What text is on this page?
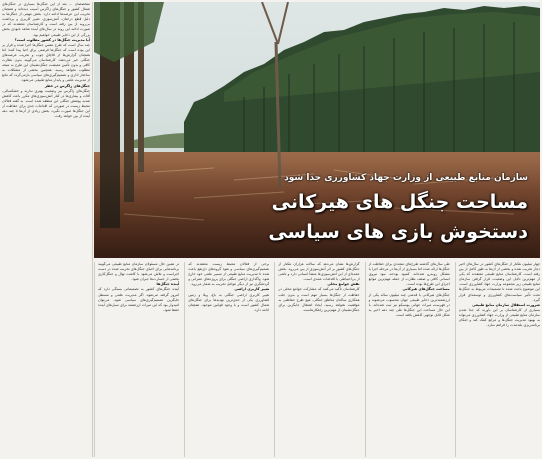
متخصصان ... بعد از این جنگل‌ها بسیاری در جنگل‌های شمال کشور و جنگل‌های زاگرس آسیب دیده‌اند و همچنان تخریب این عرصه‌ها ادامه دارد. بخش مهمی از جنگل‌ها به دلیل قطع درختان، آتش‌سوزی، تغییر کاربری و برداشت بی‌رویه از بین رفته است و کارشناسان معتقدند که در صورت ادامه این روند در سال‌های آینده شاهد نابودی بخش بزرگی از این ذخایر طبیعی خواهیم بود.
آیا مدیریت جنگل‌ها در کشور مطلوب است؟
چند سال است که طرح تنفس جنگل‌ها اجرا شده و قرار بر این بوده است که جنگل‌ها فرصتی برای احیا پیدا کنند؛ اما همچنان گزارش‌ها از قاچاق چوب و تخریب عرصه‌های جنگلی خبر می‌دهند. کارشناسان می‌گویند بدون نظارت کافی و بدون تأمین معیشت جنگل‌نشینان این طرح به نتیجه مطلوب نخواهد رسید. همچنین بخشی از مشکلات به ساختار اداری و تصمیم‌گیری‌های سیاسی بازمی‌گردد که مانع از مدیریت علمی و پایدار منابع طبیعی می‌شود.
جنگل‌های زاگرس در خطر
جنگل‌های زاگرس نیز وضعیت بهتری ندارند و خشکسالی، آفات و بیماری‌ها در کنار آتش‌سوزی‌های مکرر باعث کاهش شدید پوشش جنگلی این منطقه شده است. به گفته فعالان محیط زیست در صورتی که اقدامات جدی برای حفاظت از این جنگل‌ها صورت نگیرد، بخش زیادی از آن‌ها تا چند دهه آینده از بین خواهد رفت.
سازمان منابع طبیعی از وزارت جهاد کشاورزی جدا شود
مساحت جنگل های هیرکانی
دستخوش بازی های سیاسی
چهار میلیون هکتار از جنگل‌های کشور در سال‌های اخیر دچار تخریب شده و بخشی از آن‌ها به طور کامل از بین رفته است. کارشناسان منابع طبیعی معتقدند که یکی از مهم‌ترین دلایل این وضعیت، قرار گرفتن سازمان منابع طبیعی زیر مجموعه وزارت جهاد کشاورزی است. این موضوع باعث شده تا تصمیمات مربوط به جنگل‌ها تحت تأثیر سیاست‌های کشاورزی و توسعه‌ای قرار گیرد.
ضرورت استقلال سازمان منابع طبیعی
بسیاری از کارشناسان بر این باورند که جدا شدن سازمان منابع طبیعی از وزارت جهاد کشاورزی می‌تواند به بهبود مدیریت جنگل‌ها و مراتع کمک کند و امکان برنامه‌ریزی بلندمدت را فراهم سازد.
طی سال‌های گذشته طرح‌های متعددی برای حفاظت از جنگل‌ها ارائه شده اما بسیاری از آن‌ها در مرحله اجرا با مشکل روبه‌رو شده‌اند. کمبود بودجه، نبود نیروی انسانی کافی و ضعف نظارت از جمله مهم‌ترین موانع اجرای این طرح‌ها بوده است.
مساحت جنگل‌های هیرکانی
جنگل‌های هیرکانی با قدمتی چند میلیون ساله یکی از ارزشمندترین ذخایر طبیعی جهان محسوب می‌شوند و در فهرست میراث جهانی یونسکو نیز ثبت شده‌اند. با این حال مساحت این جنگل‌ها طی چند دهه اخیر به شکل قابل توجهی کاهش یافته است.
گزارش‌ها نشان می‌دهد که سالانه هزاران هکتار از جنگل‌های کشور بر اثر آتش‌سوزی از بین می‌رود. بخش عمده‌ای از این آتش‌سوزی‌ها منشأ انسانی دارد و ناشی از بی‌احتیاطی یا اقدامات عمدی است.
نقش جوامع محلی
کارشناسان تأکید می‌کنند که مشارکت جوامع محلی در حفاظت از جنگل‌ها بسیار مهم است و بدون جلب همکاری ساکنان مناطق جنگلی، هیچ طرح حفاظتی به موفقیت نخواهد رسید. ایجاد اشتغال جایگزین برای جنگل‌نشینان از مهم‌ترین راهکارهاست.
برخی از فعالان محیط زیست معتقدند که تصمیم‌گیری‌های سیاسی و نفوذ گروه‌های ذی‌نفع باعث شده تا مدیریت منابع طبیعی از مسیر علمی خود خارج شود. واگذاری اراضی جنگلی برای پروژه‌های عمرانی و گردشگری نیز از دیگر عوامل تخریب به شمار می‌رود.
تغییر کاربری اراضی
تغییر کاربری اراضی جنگلی به باغ، ویلا و زمین کشاورزی یکی از جدی‌ترین تهدیدها برای جنگل‌های شمال کشور است و با وجود قوانین موجود، همچنان ادامه دارد.
در همین حال مسئولان سازمان منابع طبیعی می‌گویند برنامه‌هایی برای احیای جنگل‌های تخریب شده در دست اجراست و تلاش می‌شود با کاشت نهال و جنگل‌کاری بخشی از خسارت‌ها جبران شود.
آینده جنگل‌ها
آینده جنگل‌های کشور به تصمیماتی بستگی دارد که امروز گرفته می‌شود. اگر مدیریت علمی و مستقل جایگزین تصمیم‌گیری‌های سیاسی شود، می‌توان امیدوار بود که این میراث ارزشمند برای نسل‌های آینده حفظ شود.
